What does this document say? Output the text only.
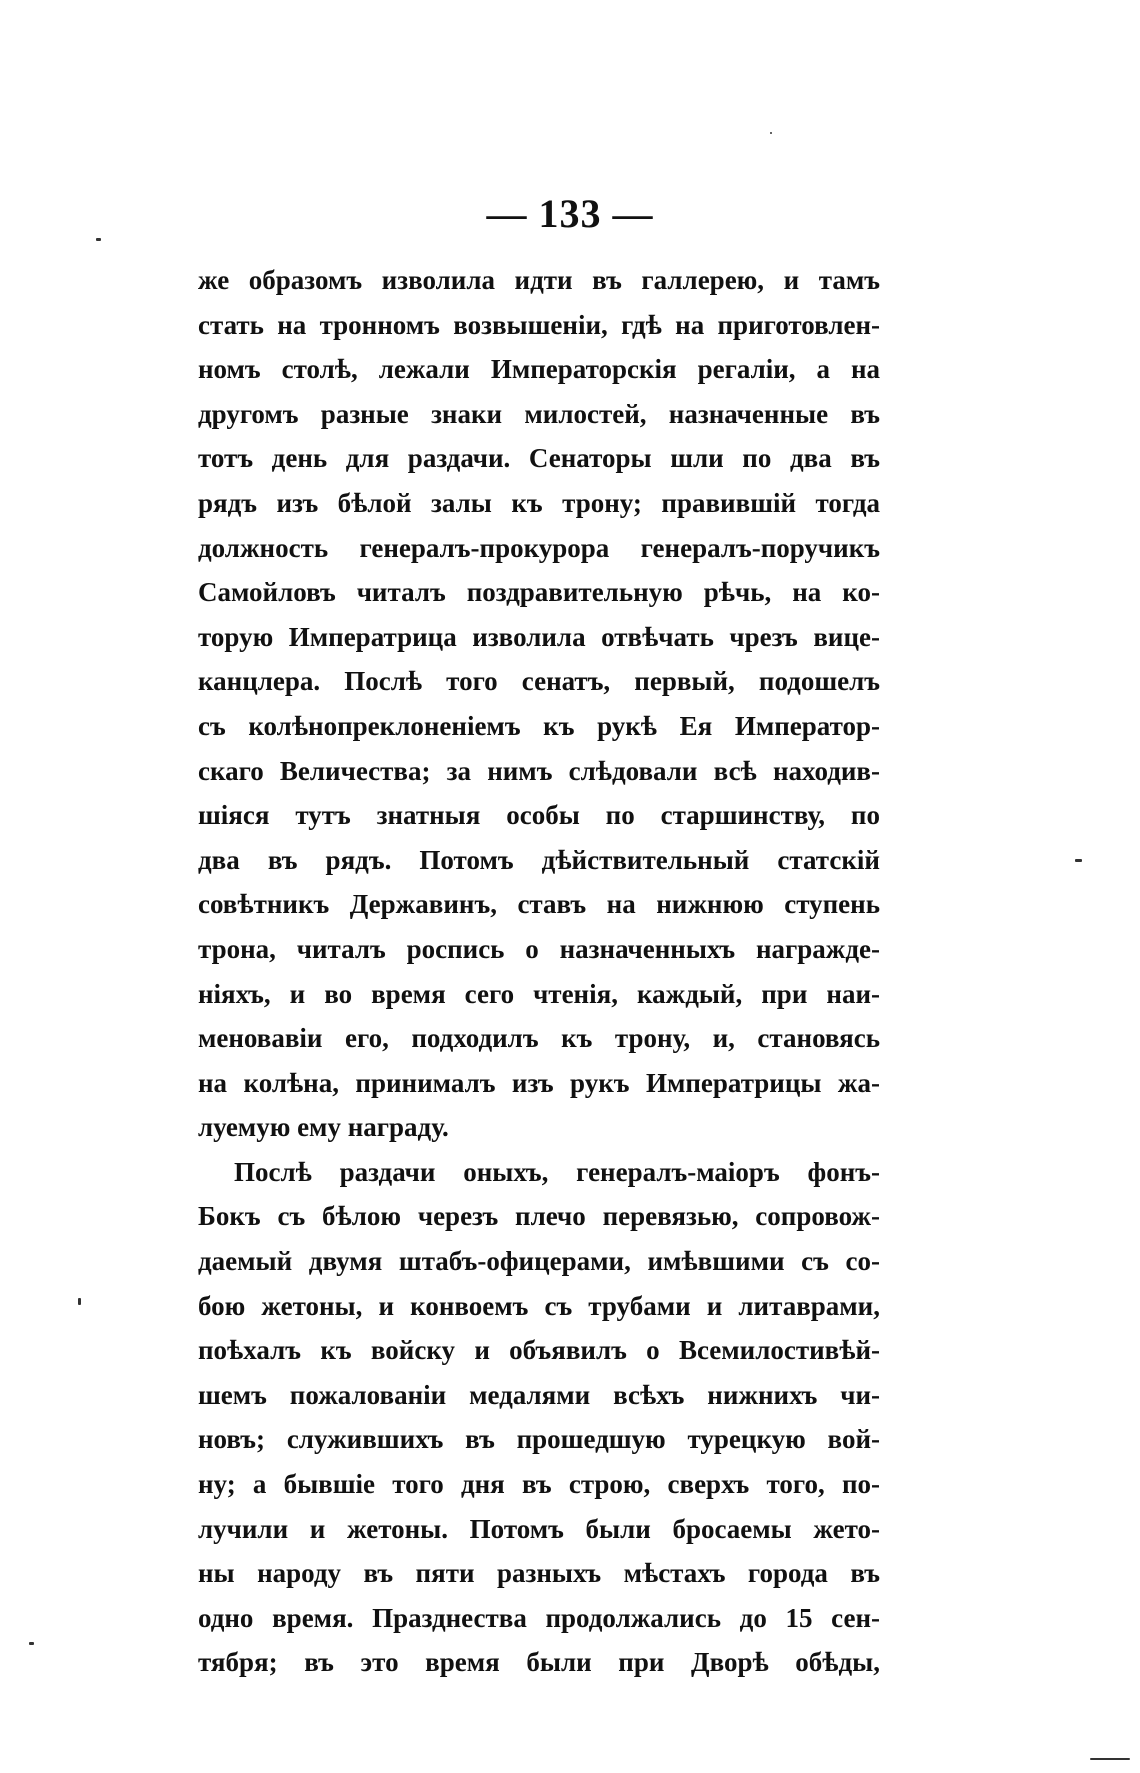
— 133 —
же образомъ изволила идти въ галлерею, и тамъ
стать на тронномъ возвышеніи, гдѣ на приготовлен-
номъ столѣ, лежали Императорскія регаліи, а на
другомъ разные знаки милостей, назначенные въ
тотъ день для раздачи. Сенаторы шли по два въ
рядъ изъ бѣлой залы къ трону; правившій тогда
должность генералъ-прокурора генералъ-поручикъ
Самойловъ читалъ поздравительную рѣчь, на ко-
торую Императрица изволила отвѣчать чрезъ вице-
канцлера. Послѣ того сенатъ, первый, подошелъ
съ колѣнопреклоненіемъ къ рукѣ Ея Император-
скаго Величества; за нимъ слѣдовали всѣ находив-
шіяся тутъ знатныя особы по старшинству, по
два въ рядъ. Потомъ дѣйствительный статскій
совѣтникъ Державинъ, ставъ на нижнюю ступень
трона, читалъ роспись о назначенныхъ награжде-
ніяхъ, и во время сего чтенія, каждый, при наи-
меновавіи его, подходилъ къ трону, и, становясь
на колѣна, принималъ изъ рукъ Императрицы жа-
луемую ему награду.
Послѣ раздачи оныхъ, генералъ-маіоръ фонъ-
Бокъ съ бѣлою черезъ плечо перевязью, сопровож-
даемый двумя штабъ-офицерами, имѣвшими съ со-
бою жетоны, и конвоемъ съ трубами и литаврами,
поѣхалъ къ войску и объявилъ о Всемилостивѣй-
шемъ пожалованіи медалями всѣхъ нижнихъ чи-
новъ; служившихъ въ прошедшую турецкую вой-
ну; а бывшіе того дня въ строю, сверхъ того, по-
лучили и жетоны. Потомъ были бросаемы жето-
ны народу въ пяти разныхъ мѣстахъ города въ
одно время. Празднества продолжались до 15 сен-
тября; въ это время были при Дворѣ обѣды,
